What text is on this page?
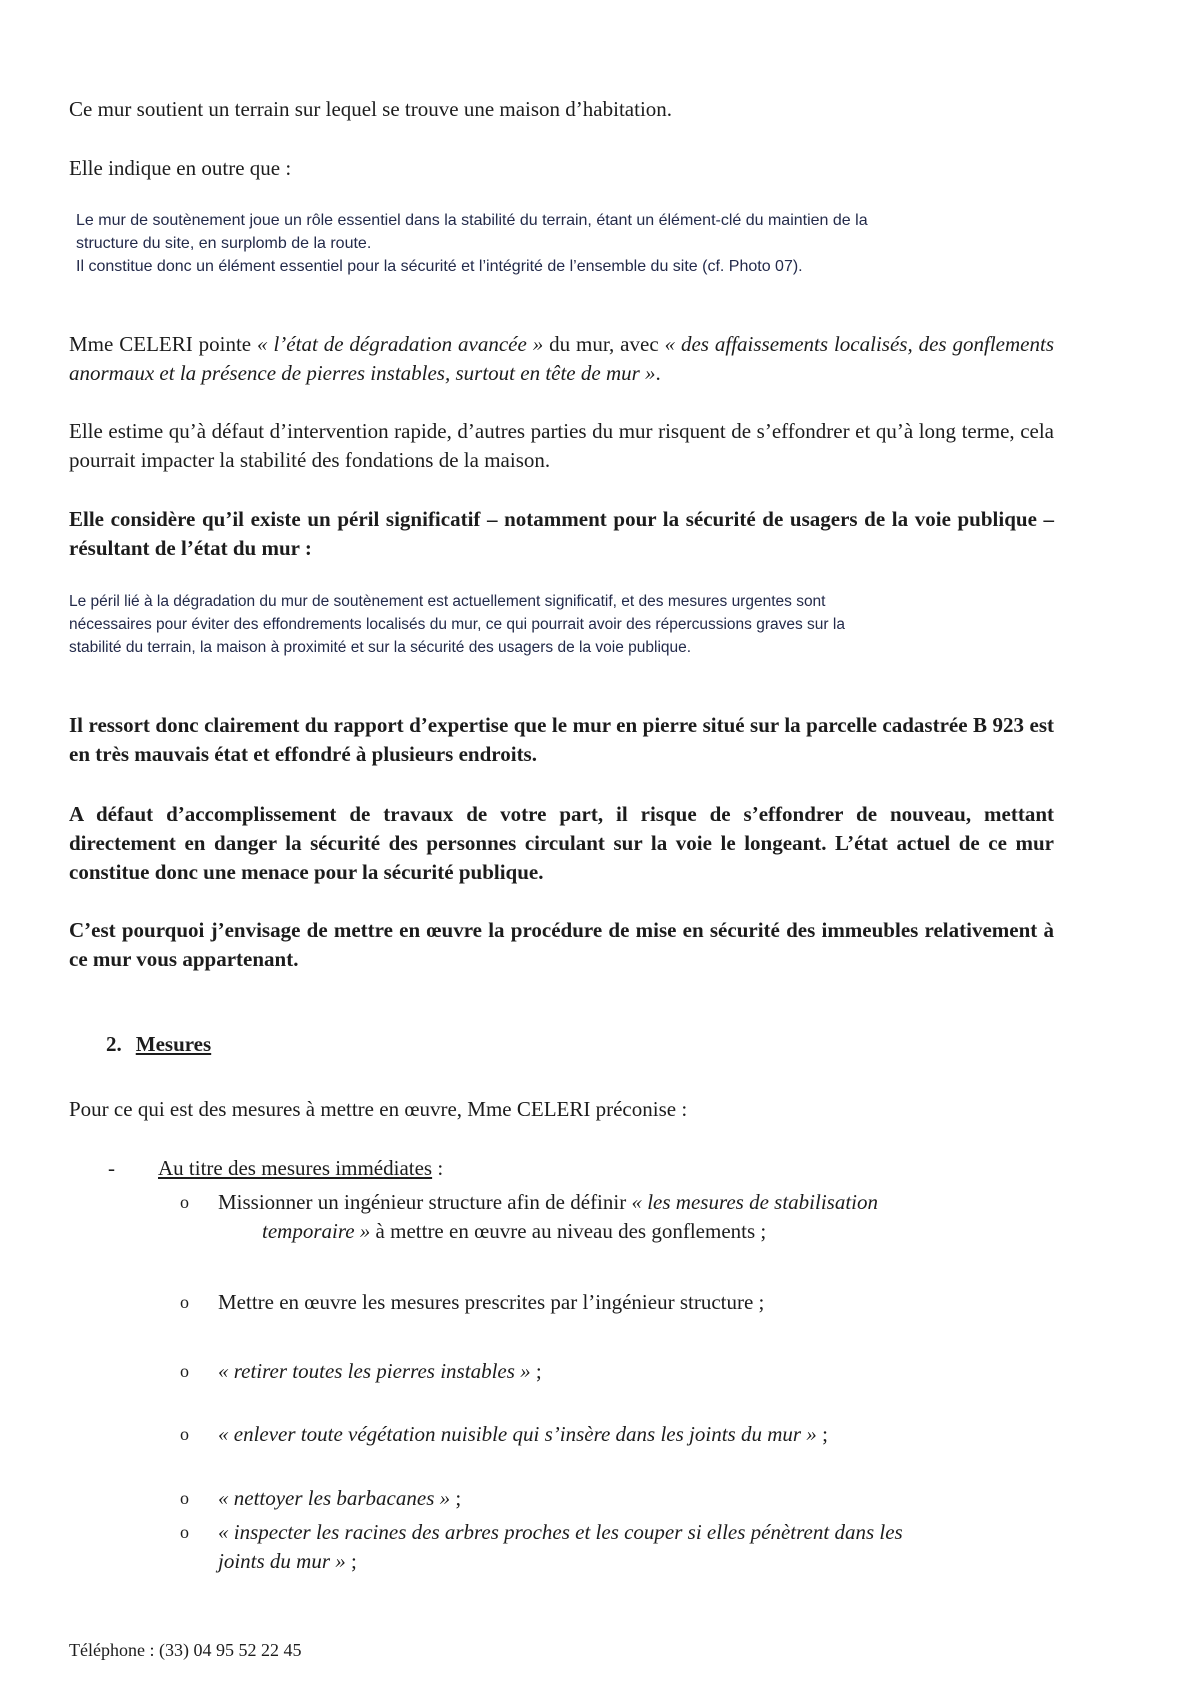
Ce mur soutient un terrain sur lequel se trouve une maison d’habitation.

Elle indique en outre que :

Le mur de soutènement joue un rôle essentiel dans la stabilité du terrain, étant un élément-clé du maintien de la structure du site, en surplomb de la route.
Il constitue donc un élément essentiel pour la sécurité et l’intégrité de l’ensemble du site (cf. Photo 07).

Mme CELERI pointe « l’état de dégradation avancée » du mur, avec « des affaissements localisés, des gonflements anormaux et la présence de pierres instables, surtout en tête de mur ».

Elle estime qu’à défaut d’intervention rapide, d’autres parties du mur risquent de s’effondrer et qu’à long terme, cela pourrait impacter la stabilité des fondations de la maison.

Elle considère qu’il existe un péril significatif – notamment pour la sécurité de usagers de la voie publique – résultant de l’état du mur :

Le péril lié à la dégradation du mur de soutènement est actuellement significatif, et des mesures urgentes sont nécessaires pour éviter des effondrements localisés du mur, ce qui pourrait avoir des répercussions graves sur la stabilité du terrain, la maison à proximité et sur la sécurité des usagers de la voie publique.

Il ressort donc clairement du rapport d’expertise que le mur en pierre situé sur la parcelle cadastrée B 923 est en très mauvais état et effondré à plusieurs endroits.

A défaut d’accomplissement de travaux de votre part, il risque de s’effondrer de nouveau, mettant directement en danger la sécurité des personnes circulant sur la voie le longeant. L’état actuel de ce mur constitue donc une menace pour la sécurité publique.

C’est pourquoi j’envisage de mettre en œuvre la procédure de mise en sécurité des immeubles relativement à ce mur vous appartenant.

2. Mesures

Pour ce qui est des mesures à mettre en œuvre, Mme CELERI préconise :

- Au titre des mesures immédiates :

o Missionner un ingénieur structure afin de définir « les mesures de stabilisation
temporaire » à mettre en œuvre au niveau des gonflements ;
o Mettre en œuvre les mesures prescrites par l’ingénieur structure ;
o « retirer toutes les pierres instables » ;
o « enlever toute végétation nuisible qui s’insère dans les joints du mur » ;
o « nettoyer les barbacanes » ;
o « inspecter les racines des arbres proches et les couper si elles pénètrent dans les
joints du mur » ;

Téléphone : (33) 04 95 52 22 45
